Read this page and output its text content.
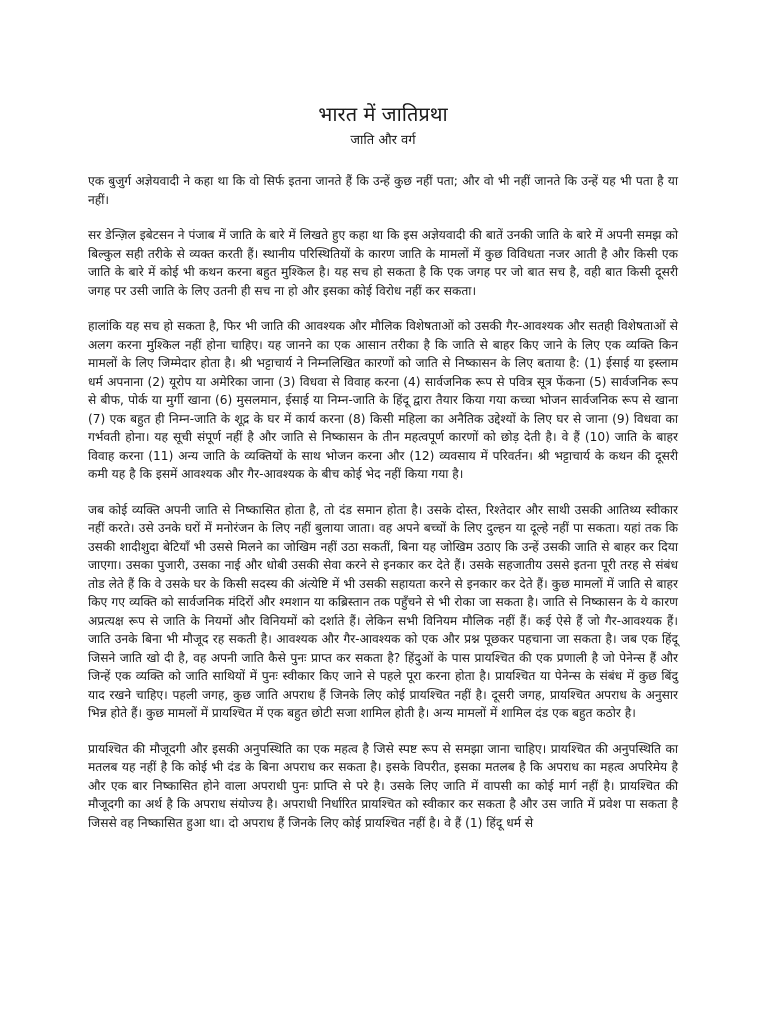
भारत में जातिप्रथा
जाति और वर्ग

एक बुजुर्ग अज्ञेयवादी ने कहा था कि वो सिर्फ इतना जानते हैं कि उन्हें कुछ नहीं पता; और वो भी नहीं जानते कि उन्हें यह भी पता है या नहीं।

सर डेन्ज़िल इबेटसन ने पंजाब में जाति के बारे में लिखते हुए कहा था कि इस अज्ञेयवादी की बातें उनकी जाति के बारे में अपनी समझ को बिल्कुल सही तरीके से व्यक्त करती हैं। स्थानीय परिस्थितियों के कारण जाति के मामलों में कुछ विविधता नजर आती है और किसी एक जाति के बारे में कोई भी कथन करना बहुत मुश्किल है। यह सच हो सकता है कि एक जगह पर जो बात सच है, वही बात किसी दूसरी जगह पर उसी जाति के लिए उतनी ही सच ना हो और इसका कोई विरोध नहीं कर सकता।

हालांकि यह सच हो सकता है, फिर भी जाति की आवश्यक और मौलिक विशेषताओं को उसकी गैर-आवश्यक और सतही विशेषताओं से अलग करना मुश्किल नहीं होना चाहिए। यह जानने का एक आसान तरीका है कि जाति से बाहर किए जाने के लिए एक व्यक्ति किन मामलों के लिए जिम्मेदार होता है। श्री भट्टाचार्य ने निम्नलिखित कारणों को जाति से निष्कासन के लिए बताया है: (1) ईसाई या इस्लाम धर्म अपनाना (2) यूरोप या अमेरिका जाना (3) विधवा से विवाह करना (4) सार्वजनिक रूप से पवित्र सूत्र फेंकना (5) सार्वजनिक रूप से बीफ, पोर्क या मुर्गी खाना (6) मुसलमान, ईसाई या निम्न-जाति के हिंदू द्वारा तैयार किया गया कच्चा भोजन सार्वजनिक रूप से खाना (7) एक बहुत ही निम्न-जाति के शूद्र के घर में कार्य करना (8) किसी महिला का अनैतिक उद्देश्यों के लिए घर से जाना (9) विधवा का गर्भवती होना। यह सूची संपूर्ण नहीं है और जाति से निष्कासन के तीन महत्वपूर्ण कारणों को छोड़ देती है। वे हैं (10) जाति के बाहर विवाह करना (11) अन्य जाति के व्यक्तियों के साथ भोजन करना और (12) व्यवसाय में परिवर्तन। श्री भट्टाचार्य के कथन की दूसरी कमी यह है कि इसमें आवश्यक और गैर-आवश्यक के बीच कोई भेद नहीं किया गया है।

जब कोई व्यक्ति अपनी जाति से निष्कासित होता है, तो दंड समान होता है। उसके दोस्त, रिश्तेदार और साथी उसकी आतिथ्य स्वीकार नहीं करते। उसे उनके घरों में मनोरंजन के लिए नहीं बुलाया जाता। वह अपने बच्चों के लिए दुल्हन या दूल्हे नहीं पा सकता। यहां तक कि उसकी शादीशुदा बेटियाँ भी उससे मिलने का जोखिम नहीं उठा सकतीं, बिना यह जोखिम उठाए कि उन्हें उसकी जाति से बाहर कर दिया जाएगा। उसका पुजारी, उसका नाई और धोबी उसकी सेवा करने से इनकार कर देते हैं। उसके सहजातीय उससे इतना पूरी तरह से संबंध तोड लेते हैं कि वे उसके घर के किसी सदस्य की अंत्येष्टि में भी उसकी सहायता करने से इनकार कर देते हैं। कुछ मामलों में जाति से बाहर किए गए व्यक्ति को सार्वजनिक मंदिरों और श्मशान या कब्रिस्तान तक पहुँचने से भी रोका जा सकता है। जाति से निष्कासन के ये कारण अप्रत्यक्ष रूप से जाति के नियमों और विनियमों को दर्शाते हैं। लेकिन सभी विनियम मौलिक नहीं हैं। कई ऐसे हैं जो गैर-आवश्यक हैं। जाति उनके बिना भी मौजूद रह सकती है। आवश्यक और गैर-आवश्यक को एक और प्रश्न पूछकर पहचाना जा सकता है। जब एक हिंदू जिसने जाति खो दी है, वह अपनी जाति कैसे पुनः प्राप्त कर सकता है? हिंदुओं के पास प्रायश्चित की एक प्रणाली है जो पेनेन्स हैं और जिन्हें एक व्यक्ति को जाति साथियों में पुनः स्वीकार किए जाने से पहले पूरा करना होता है। प्रायश्चित या पेनेन्स के संबंध में कुछ बिंदु याद रखने चाहिए। पहली जगह, कुछ जाति अपराध हैं जिनके लिए कोई प्रायश्चित नहीं है। दूसरी जगह, प्रायश्चित अपराध के अनुसार भिन्न होते हैं। कुछ मामलों में प्रायश्चित में एक बहुत छोटी सजा शामिल होती है। अन्य मामलों में शामिल दंड एक बहुत कठोर है।

प्रायश्चित की मौजूदगी और इसकी अनुपस्थिति का एक महत्व है जिसे स्पष्ट रूप से समझा जाना चाहिए। प्रायश्चित की अनुपस्थिति का मतलब यह नहीं है कि कोई भी दंड के बिना अपराध कर सकता है। इसके विपरीत, इसका मतलब है कि अपराध का महत्व अपरिमेय है और एक बार निष्कासित होने वाला अपराधी पुनः प्राप्ति से परे है। उसके लिए जाति में वापसी का कोई मार्ग नहीं है। प्रायश्चित की मौजूदगी का अर्थ है कि अपराध संयोज्य है। अपराधी निर्धारित प्रायश्चित को स्वीकार कर सकता है और उस जाति में प्रवेश पा सकता है जिससे वह निष्कासित हुआ था। दो अपराध हैं जिनके लिए कोई प्रायश्चित नहीं है। वे हैं (1) हिंदू धर्म से
